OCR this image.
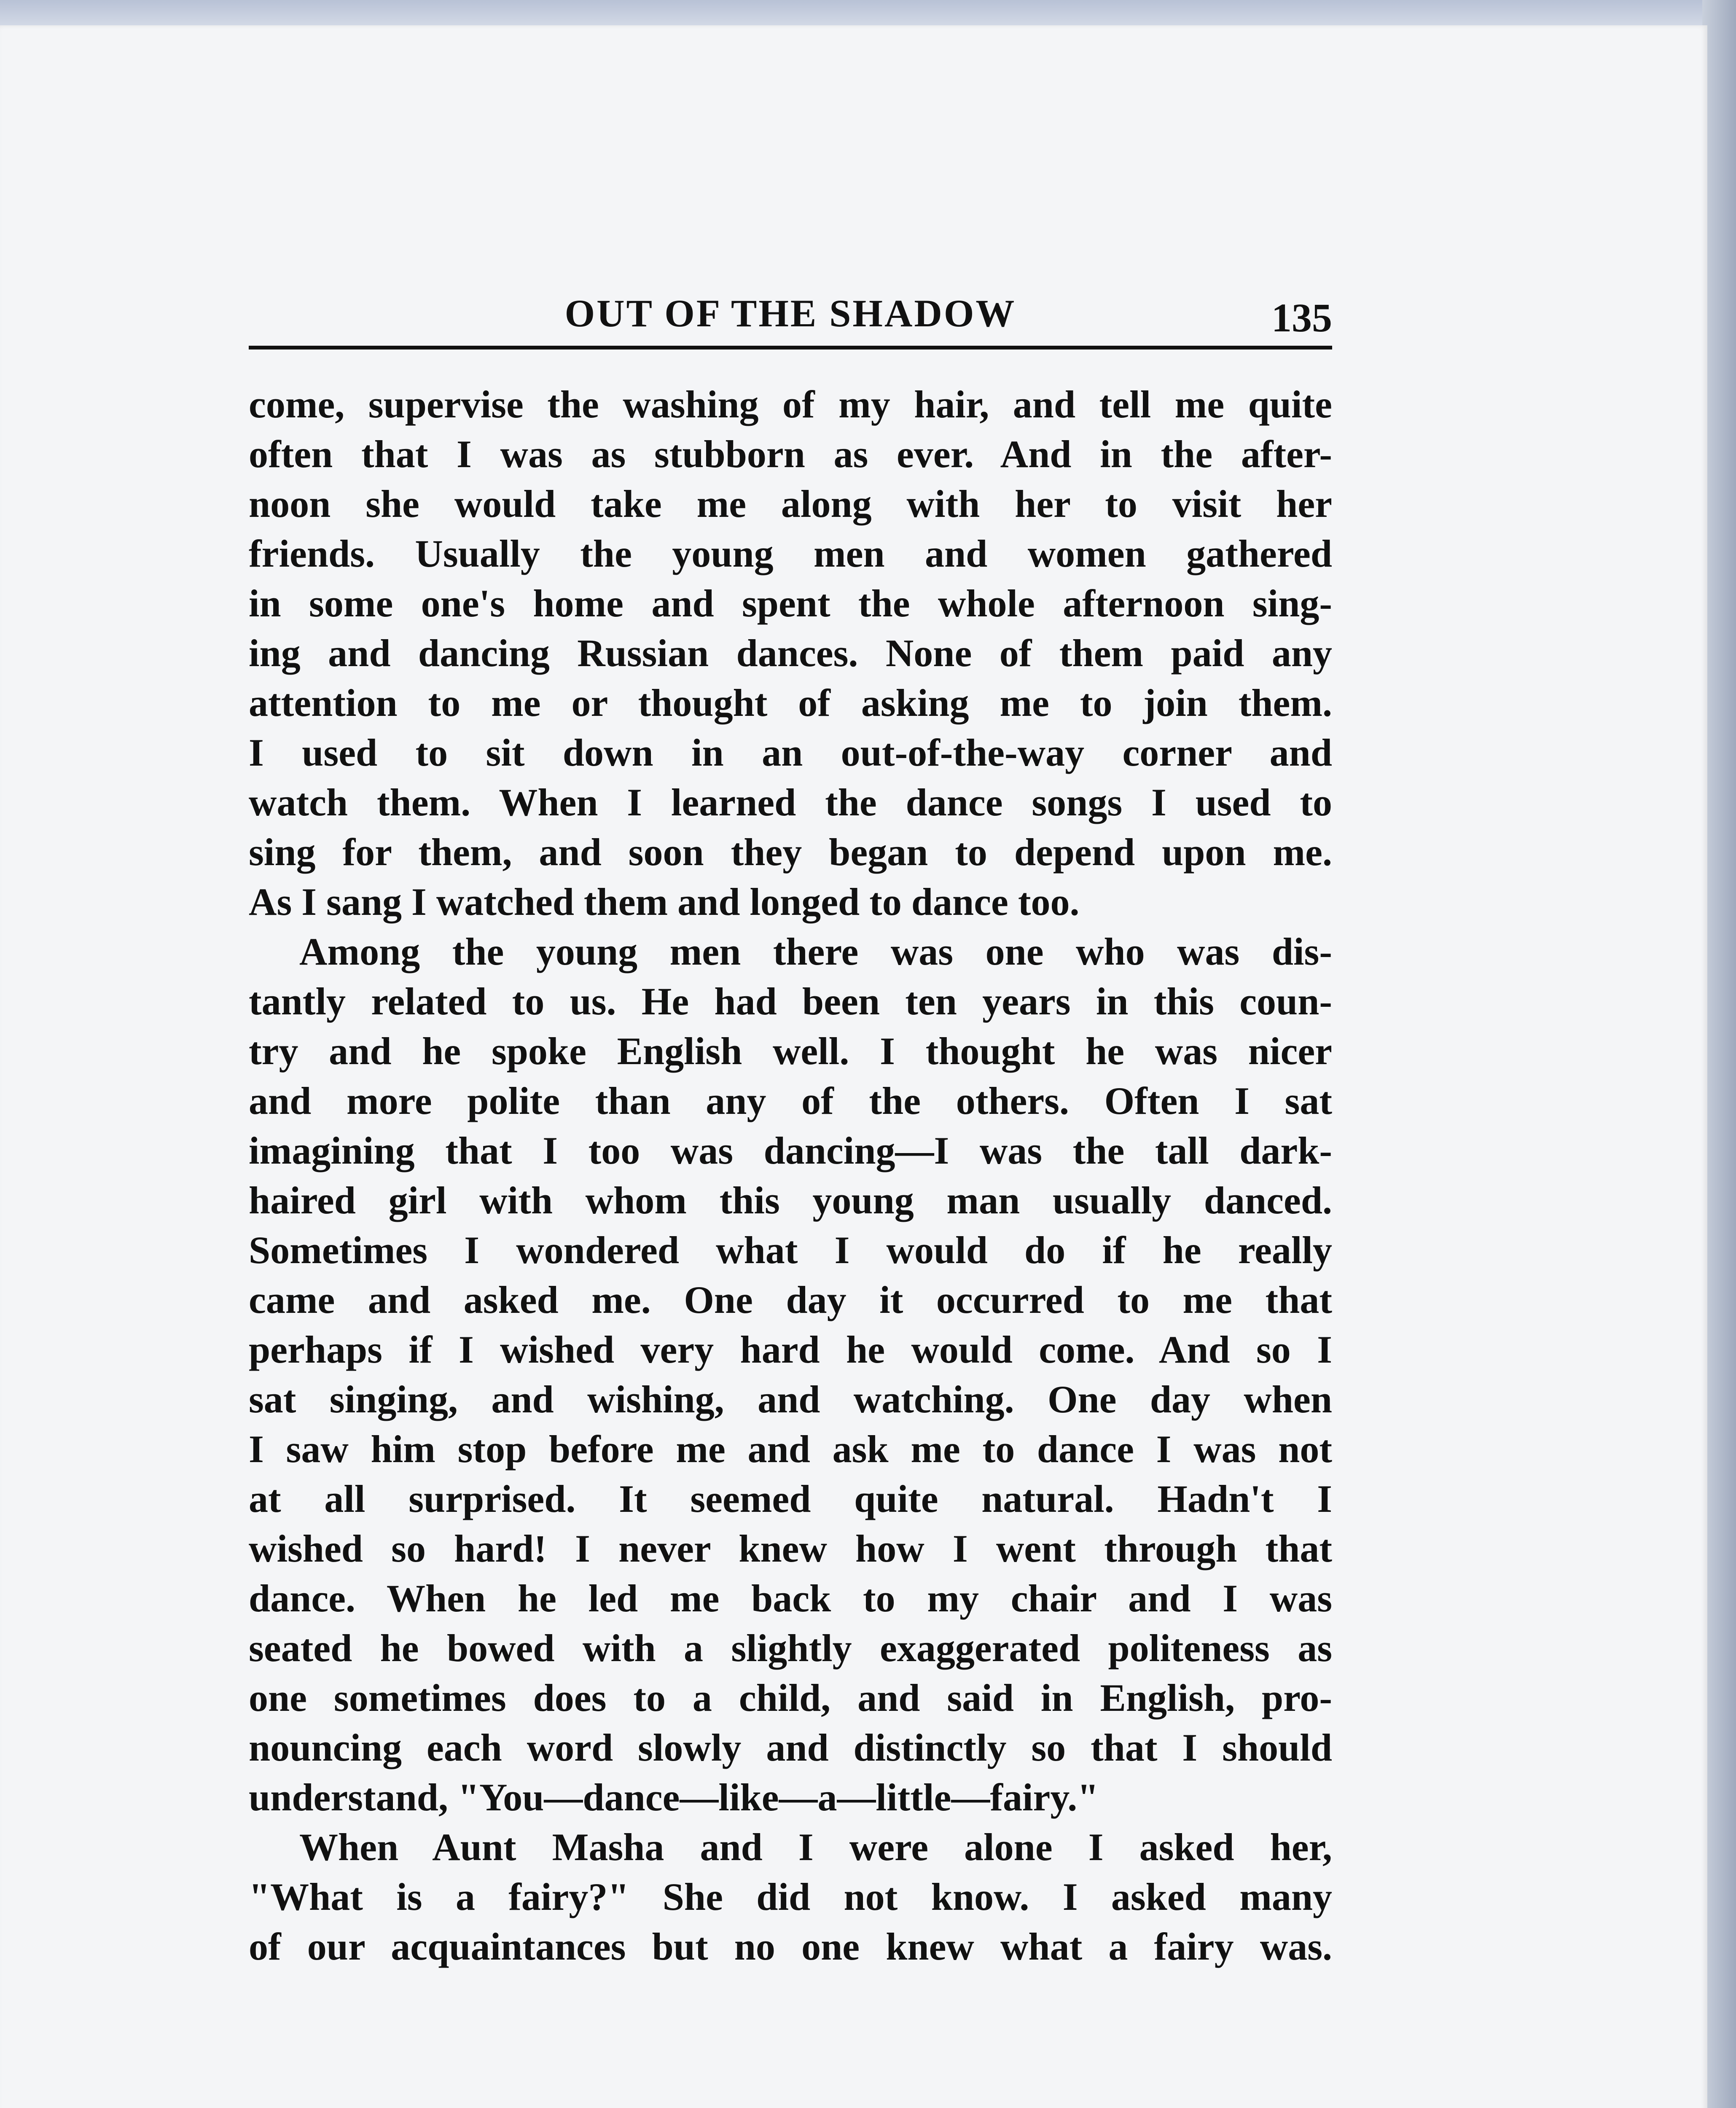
OUT OF THE SHADOW	135
come, supervise the washing of my hair, and tell me quite
often that I was as stubborn as ever. And in the after-
noon she would take me along with her to visit her
friends. Usually the young men and women gathered
in some one's home and spent the whole afternoon sing-
ing and dancing Russian dances. None of them paid any
attention to me or thought of asking me to join them.
I used to sit down in an out-of-the-way corner and
watch them. When I learned the dance songs I used to
sing for them, and soon they began to depend upon me.
As I sang I watched them and longed to dance too.
Among the young men there was one who was dis-
tantly related to us. He had been ten years in this coun-
try and he spoke English well. I thought he was nicer
and more polite than any of the others. Often I sat
imagining that I too was dancing—I was the tall dark-
haired girl with whom this young man usually danced.
Sometimes I wondered what I would do if he really
came and asked me. One day it occurred to me that
perhaps if I wished very hard he would come. And so I
sat singing, and wishing, and watching. One day when
I saw him stop before me and ask me to dance I was not
at all surprised. It seemed quite natural. Hadn't I
wished so hard! I never knew how I went through that
dance. When he led me back to my chair and I was
seated he bowed with a slightly exaggerated politeness as
one sometimes does to a child, and said in English, pro-
nouncing each word slowly and distinctly so that I should
understand, "You—dance—like—a—little—fairy."
When Aunt Masha and I were alone I asked her,
"What is a fairy?" She did not know. I asked many
of our acquaintances but no one knew what a fairy was.
